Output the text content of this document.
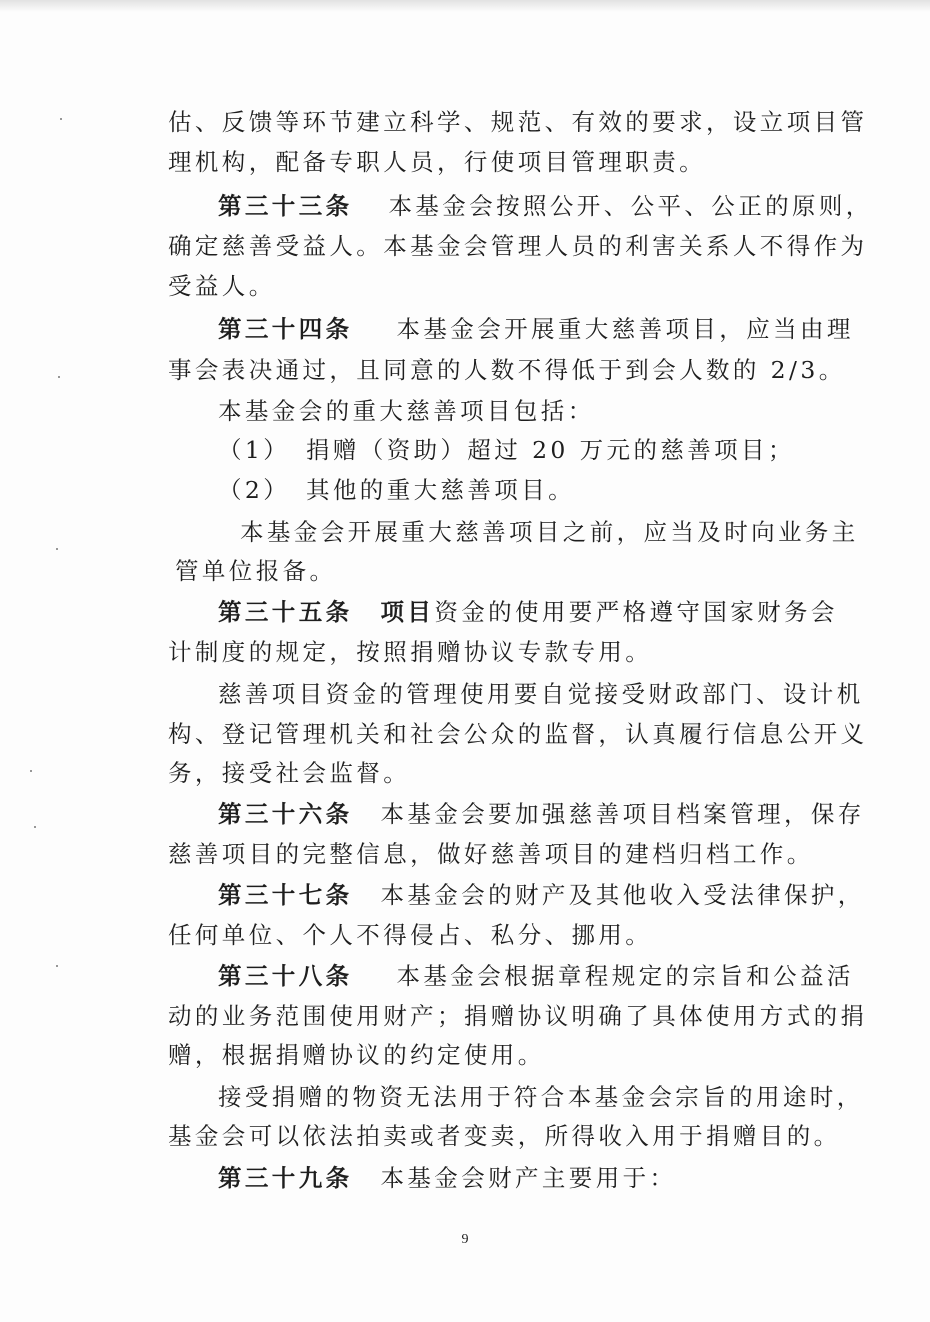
估、反馈等环节建立科学、规范、有效的要求，设立项目管
理机构，配备专职人员，行使项目管理职责。
第三十三条 本基金会按照公开、公平、公正的原则，
确定慈善受益人。本基金会管理人员的利害关系人不得作为
受益人。
第三十四条 本基金会开展重大慈善项目，应当由理
事会表决通过，且同意的人数不得低于到会人数的 2/3。
本基金会的重大慈善项目包括：
（1） 捐赠（资助）超过 20 万元的慈善项目；
（2） 其他的重大慈善项目。
本基金会开展重大慈善项目之前，应当及时向业务主
管单位报备。
第三十五条 项目资金的使用要严格遵守国家财务会
计制度的规定，按照捐赠协议专款专用。
慈善项目资金的管理使用要自觉接受财政部门、设计机
构、登记管理机关和社会公众的监督，认真履行信息公开义
务，接受社会监督。
第三十六条 本基金会要加强慈善项目档案管理，保存
慈善项目的完整信息，做好慈善项目的建档归档工作。
第三十七条 本基金会的财产及其他收入受法律保护，
任何单位、个人不得侵占、私分、挪用。
第三十八条 本基金会根据章程规定的宗旨和公益活
动的业务范围使用财产；捐赠协议明确了具体使用方式的捐
赠，根据捐赠协议的约定使用。
接受捐赠的物资无法用于符合本基金会宗旨的用途时，
基金会可以依法拍卖或者变卖，所得收入用于捐赠目的。
第三十九条 本基金会财产主要用于：
9
